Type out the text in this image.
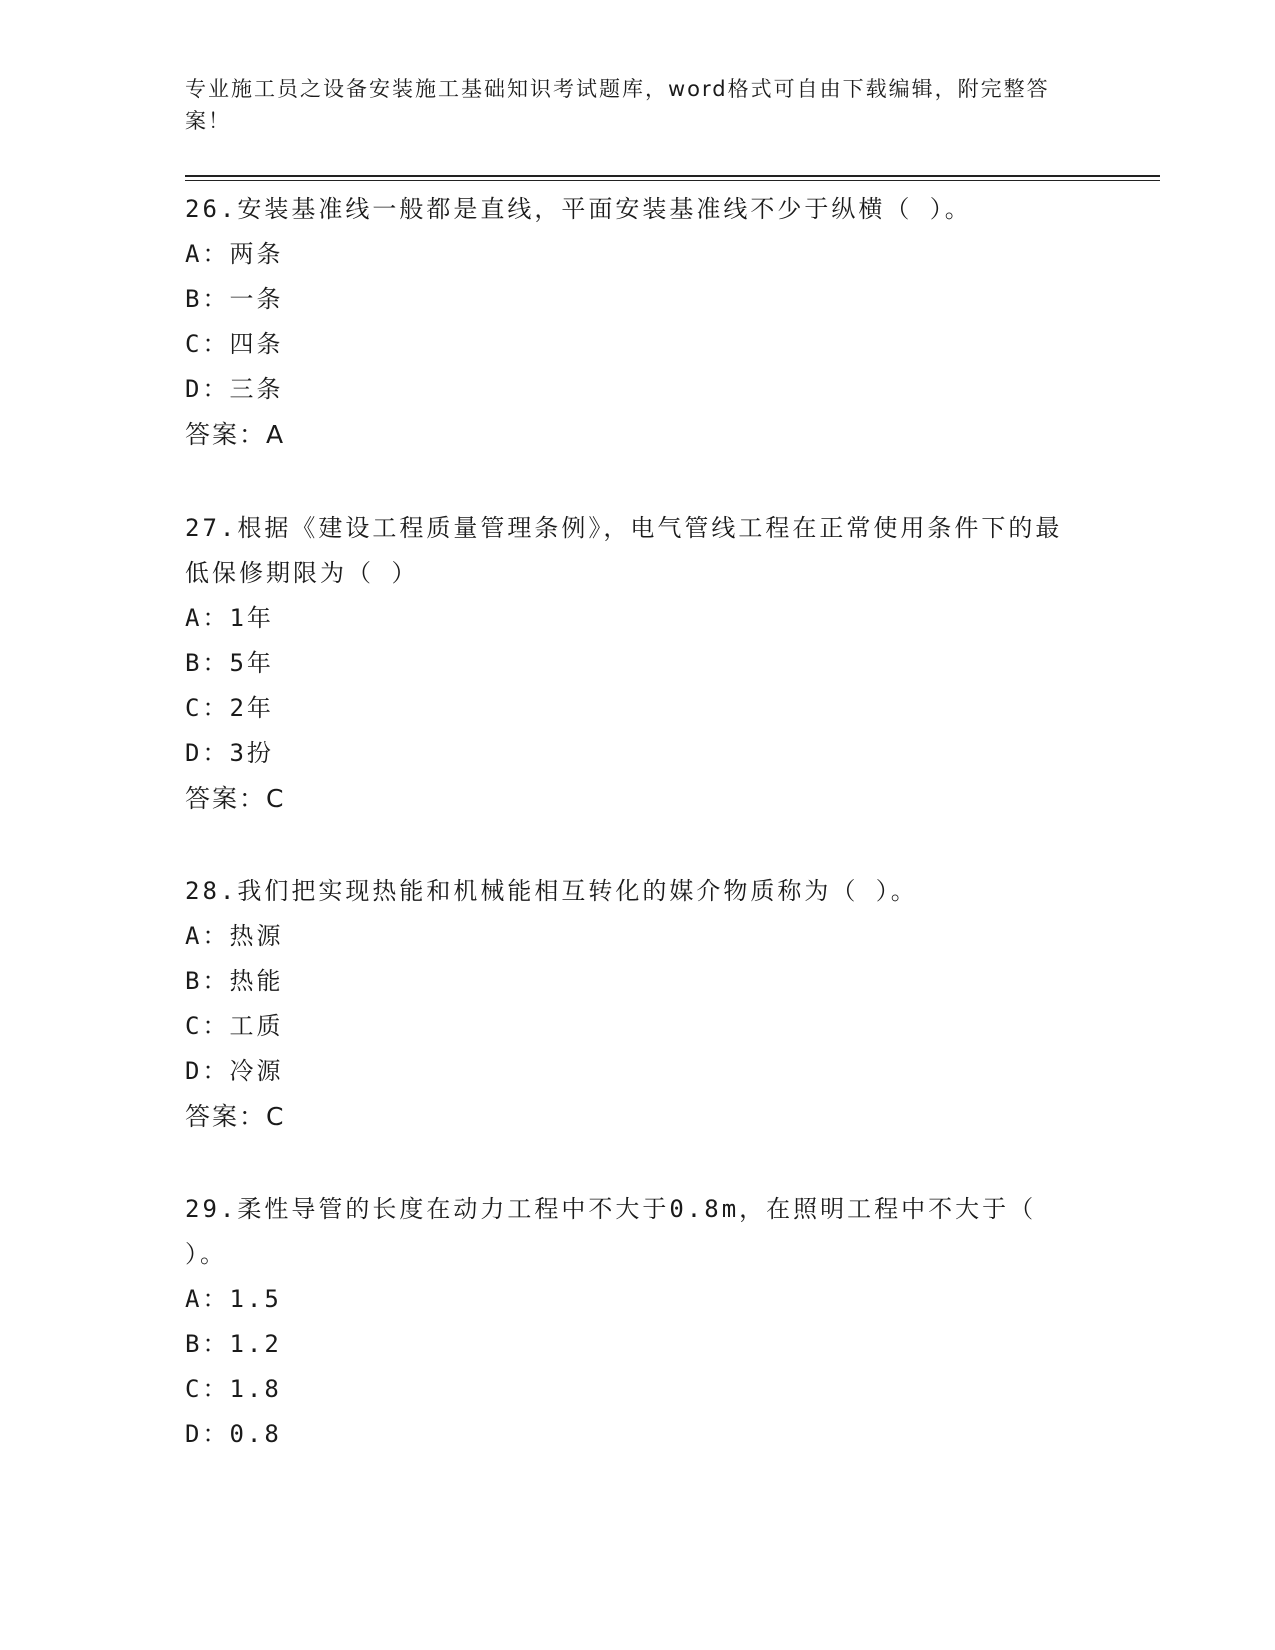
专业施工员之设备安装施工基础知识考试题库，word格式可自由下载编辑，附完整答案！

26.安装基准线一般都是直线，平面安装基准线不少于纵横（ ）。

A：两条

B：一条

C：四条

D：三条

答案：A

27.根据《建设工程质量管理条例》，电气管线工程在正常使用条件下的最低保修期限为（ ）

A：1年

B：5年

C：2年

D：3扮

答案：C

28.我们把实现热能和机械能相互转化的媒介物质称为（ ）。

A：热源

B：热能

C：工质

D：冷源

答案：C

29.柔性导管的长度在动力工程中不大于0.8m，在照明工程中不大于（ ）。

A：1.5

B：1.2

C：1.8

D：0.8
